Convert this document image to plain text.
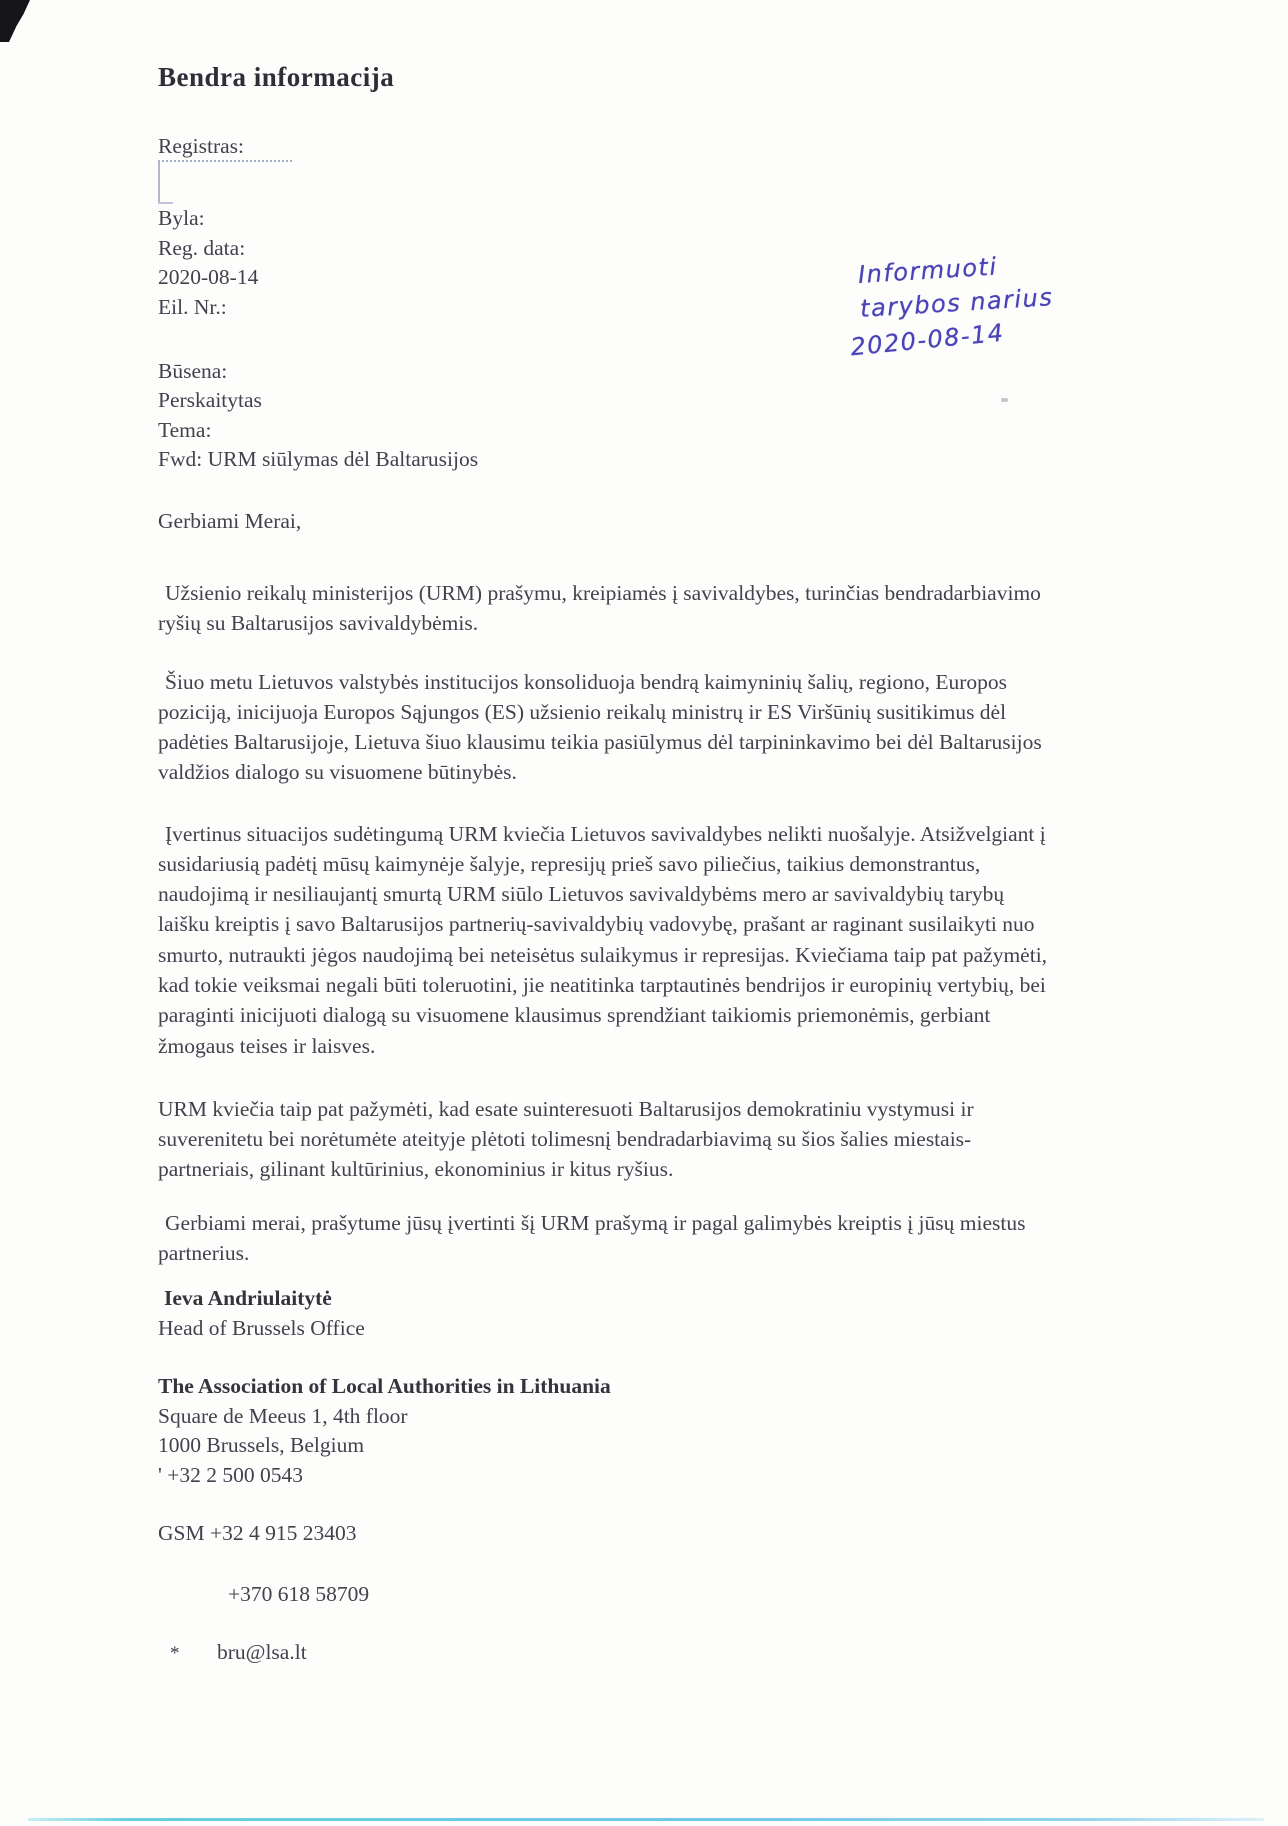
Bendra informacija
Registras:
Byla:
Reg. data:
2020-08-14
Eil. Nr.:
Informuoti
tarybos narius
2020-08-14
Būsena:
Perskaitytas
Tema:
Fwd: URM siūlymas dėl Baltarusijos
Gerbiami Merai,

Užsienio reikalų ministerijos (URM) prašymu, kreipiamės į savivaldybes, turinčias bendradarbiavimo ryšių su Baltarusijos savivaldybėmis.

Šiuo metu Lietuvos valstybės institucijos konsoliduoja bendrą kaimyninių šalių, regiono, Europos poziciją, inicijuoja Europos Sąjungos (ES) užsienio reikalų ministrų ir ES Viršūnių susitikimus dėl padėties Baltarusijoje, Lietuva šiuo klausimu teikia pasiūlymus dėl tarpininkavimo bei dėl Baltarusijos valdžios dialogo su visuomene būtinybės.

Įvertinus situacijos sudėtingumą URM kviečia Lietuvos savivaldybes nelikti nuošalyje. Atsižvelgiant į susidariusią padėtį mūsų kaimynėje šalyje, represijų prieš savo piliečius, taikius demonstrantus, naudojimą ir nesiliaujantį smurtą URM siūlo Lietuvos savivaldybėms mero ar savivaldybių tarybų laišku kreiptis į savo Baltarusijos partnerių-savivaldybių vadovybę, prašant ar raginant susilaikyti nuo smurto, nutraukti jėgos naudojimą bei neteisėtus sulaikymus ir represijas. Kviečiama taip pat pažymėti, kad tokie veiksmai negali būti toleruotini, jie neatitinka tarptautinės bendrijos ir europinių vertybių, bei paraginti inicijuoti dialogą su visuomene klausimus sprendžiant taikiomis priemonėmis, gerbiant žmogaus teises ir laisves.

URM kviečia taip pat pažymėti, kad esate suinteresuoti Baltarusijos demokratiniu vystymusi ir suverenitetu bei norėtumėte ateityje plėtoti tolimesnį bendradarbiavimą su šios šalies miestais-partneriais, gilinant kultūrinius, ekonominius ir kitus ryšius.

Gerbiami merai, prašytume jūsų įvertinti šį URM prašymą ir pagal galimybės kreiptis į jūsų miestus partnerius.

Ieva Andriulaitytė
Head of Brussels Office
The Association of Local Authorities in Lithuania
Square de Meeus 1, 4th floor
1000 Brussels, Belgium
' +32 2 500 0543
GSM +32 4 915 23403
+370 618 58709
* bru@lsa.lt
